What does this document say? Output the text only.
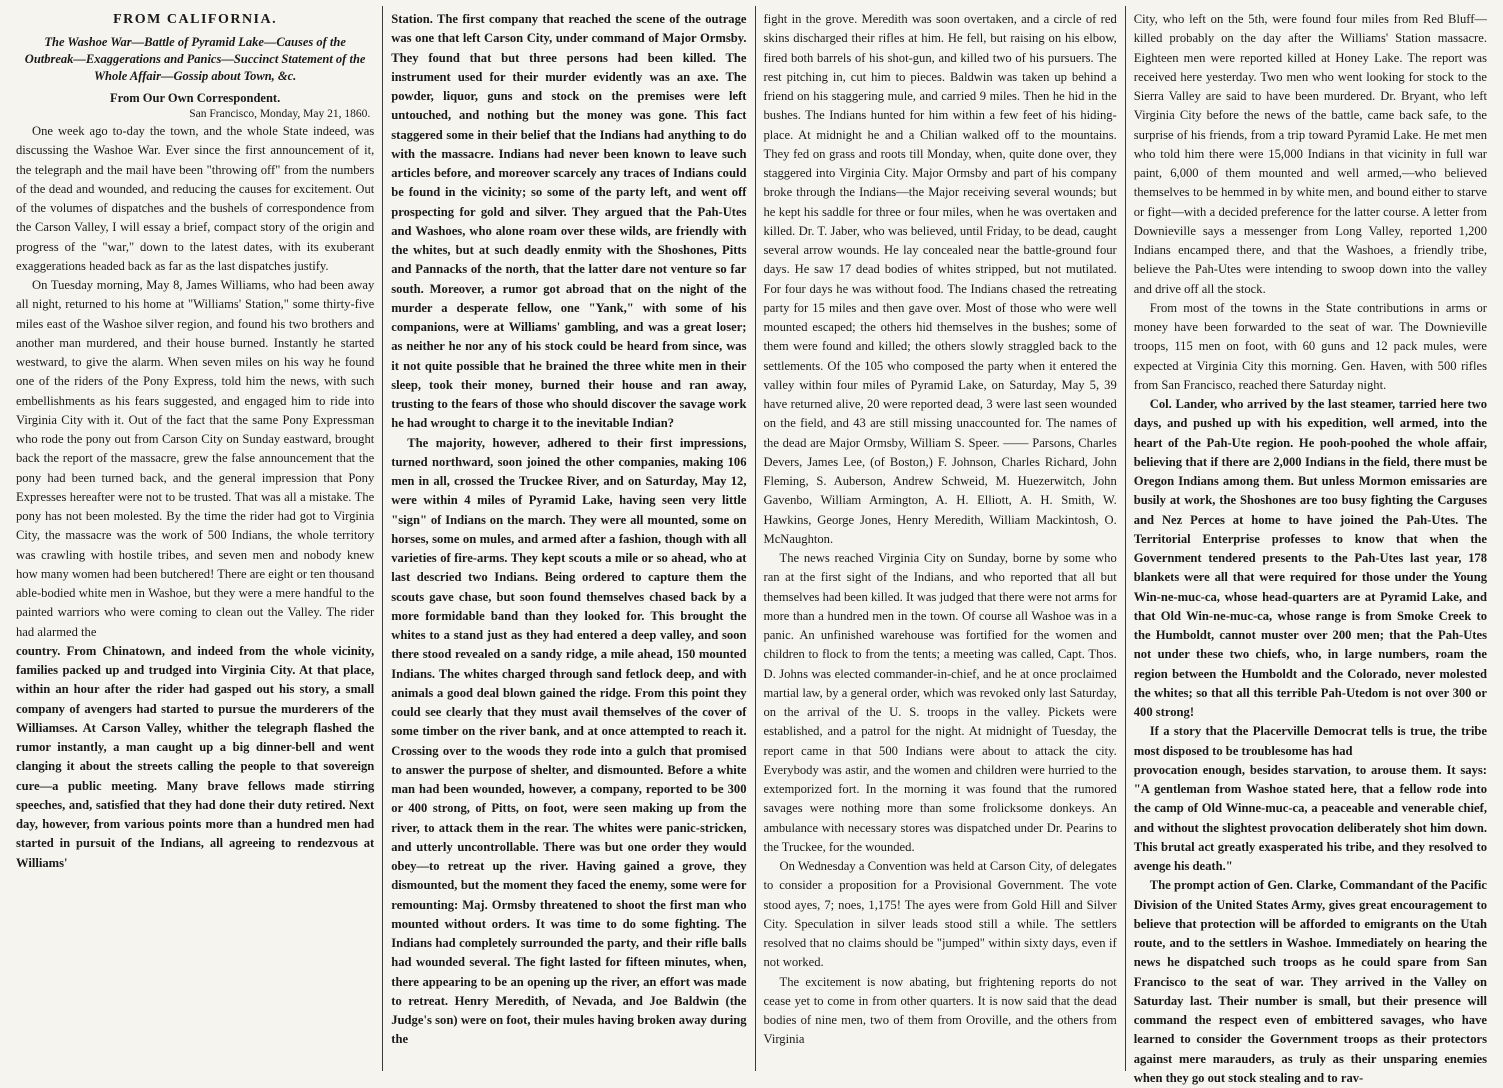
FROM CALIFORNIA.
The Washoe War—Battle of Pyramid Lake—Causes of the Outbreak—Exaggerations and Panics—Succinct Statement of the Whole Affair—Gossip about Town, &c.
From Our Own Correspondent.
San Francisco, Monday, May 21, 1860.

One week ago to-day the town, and the whole State indeed, was discussing the Washoe War. Ever since the first announcement of it, the telegraph and the mail have been "throwing off" from the numbers of the dead and wounded, and reducing the causes for excitement. Out of the volumes of dispatches and the bushels of correspondence from the Carson Valley, I will essay a brief, compact story of the origin and progress of the "war," down to the latest dates, with its exuberant exaggerations headed back as far as the last dispatches justify.

On Tuesday morning, May 8, James Williams, who had been away all night, returned to his home at "Williams' Station," some thirty-five miles east of the Washoe silver region, and found his two brothers and another man murdered, and their house burned. Instantly he started westward, to give the alarm. When seven miles on his way he found one of the riders of the Pony Express, told him the news, with such embellishments as his fears suggested, and engaged him to ride into Virginia City with it. Out of the fact that the same Pony Expressman who rode the pony out from Carson City on Sunday eastward, brought back the report of the massacre, grew the false announcement that the pony had been turned back, and the general impression that Pony Expresses hereafter were not to be trusted. That was all a mistake. The pony has not been molested. By the time the rider had got to Virginia City, the massacre was the work of 500 Indians, the whole territory was crawling with hostile tribes, and seven men and nobody knew how many women had been butchered! There are eight or ten thousand able-bodied white men in Washoe, but they were a mere handful to the painted warriors who were coming to clean out the Valley. The rider had alarmed the

country. From Chinatown, and indeed from the whole vicinity, families packed up and trudged into Virginia City. At that place, within an hour after the rider had gasped out his story, a small company of avengers had started to pursue the murderers of the Williamses. At Carson Valley, whither the telegraph flashed the rumor instantly, a man caught up a big dinner-bell and went clanging it about the streets calling the people to that sovereign cure—a public meeting. Many brave fellows made stirring speeches, and, satisfied that they had done their duty retired. Next day, however, from various points more than a hundred men had started in pursuit of the Indians, all agreeing to rendezvous at Williams'

Station. The first company that reached the scene of the outrage was one that left Carson City, under command of Major Ormsby. They found that but three persons had been killed. The instrument used for their murder evidently was an axe. The powder, liquor, guns and stock on the premises were left untouched, and nothing but the money was gone. This fact staggered some in their belief that the Indians had anything to do with the massacre. Indians had never been known to leave such articles before, and moreover scarcely any traces of Indians could be found in the vicinity; so some of the party left, and went off prospecting for gold and silver. They argued that the Pah-Utes and Washoes, who alone roam over these wilds, are friendly with the whites, but at such deadly enmity with the Shoshones, Pitts and Pannacks of the north, that the latter dare not venture so far south. Moreover, a rumor got abroad that on the night of the murder a desperate fellow, one "Yank," with some of his companions, were at Williams' gambling, and was a great loser; as neither he nor any of his stock could be heard from since, was it not quite possible that he brained the three white men in their sleep, took their money, burned their house and ran away, trusting to the fears of those who should discover the savage work he had wrought to charge it to the inevitable Indian?

The majority, however, adhered to their first impressions, turned northward, soon joined the other companies, making 106 men in all, crossed the Truckee River, and on Saturday, May 12, were within 4 miles of Pyramid Lake, having seen very little "sign" of Indians on the march. They were all mounted, some on horses, some on mules, and armed after a fashion, though with all varieties of fire-arms. They kept scouts a mile or so ahead, who at last descried two Indians. Being ordered to capture them the scouts gave chase, but soon found themselves chased back by a more formidable band than they looked for. This brought the whites to a stand just as they had entered a deep valley, and soon there stood revealed on a sandy ridge, a mile ahead, 150 mounted Indians. The whites charged through sand fetlock deep, and with animals a good deal blown gained the ridge. From this point they could see clearly that they must avail themselves of the cover of some timber on the river bank, and at once attempted to reach it. Crossing over to the woods they rode into a gulch that promised to answer the purpose of shelter, and dismounted. Before a white man had been wounded, however, a company, reported to be 300 or 400 strong, of Pitts, on foot, were seen making up from the river, to attack them in the rear. The whites were panic-stricken, and utterly uncontrollable. There was but one order they would obey—to retreat up the river. Having gained a grove, they dismounted, but the moment they faced the enemy, some were for remounting: Maj. Ormsby threatened to shoot the first man who mounted without orders. It was time to do some fighting. The Indians had completely surrounded the party, and their rifle balls had wounded several. The fight lasted for fifteen minutes, when, there appearing to be an opening up the river, an effort was made to retreat. Henry Meredith, of Nevada, and Joe Baldwin (the Judge's son) were on foot, their mules having broken away during the

fight in the grove. Meredith was soon overtaken, and a circle of red skins discharged their rifles at him. He fell, but raising on his elbow, fired both barrels of his shot-gun, and killed two of his pursuers. The rest pitching in, cut him to pieces. Baldwin was taken up behind a friend on his staggering mule, and carried 9 miles. Then he hid in the bushes. The Indians hunted for him within a few feet of his hiding-place. At midnight he and a Chilian walked off to the mountains. They fed on grass and roots till Monday, when, quite done over, they staggered into Virginia City. Major Ormsby and part of his company broke through the Indians—the Major receiving several wounds; but he kept his saddle for three or four miles, when he was overtaken and killed. Dr. T. Jaber, who was believed, until Friday, to be dead, caught several arrow wounds. He lay concealed near the battle-ground four days. He saw 17 dead bodies of whites stripped, but not mutilated. For four days he was without food. The Indians chased the retreating party for 15 miles and then gave over. Most of those who were well mounted escaped; the others hid themselves in the bushes; some of them were found and killed; the others slowly straggled back to the settlements. Of the 105 who composed the party when it entered the valley within four miles of Pyramid Lake, on Saturday, May 5, 39 have returned alive, 20 were reported dead, 3 were last seen wounded on the field, and 43 are still missing unaccounted for. The names of the dead are Major Ormsby, William S. Speer. —— Parsons, Charles Devers, James Lee, (of Boston,) F. Johnson, Charles Richard, John Fleming, S. Auberson, Andrew Schweid, M. Huezerwitch, John Gavenbo, William Armington, A. H. Elliott, A. H. Smith, W. Hawkins, George Jones, Henry Meredith, William Mackintosh, O. McNaughton.

The news reached Virginia City on Sunday, borne by some who ran at the first sight of the Indians, and who reported that all but themselves had been killed. It was judged that there were not arms for more than a hundred men in the town. Of course all Washoe was in a panic. An unfinished warehouse was fortified for the women and children to flock to from the tents; a meeting was called, Capt. Thos. D. Johns was elected commander-in-chief, and he at once proclaimed martial law, by a general order, which was revoked only last Saturday, on the arrival of the U. S. troops in the valley. Pickets were established, and a patrol for the night. At midnight of Tuesday, the report came in that 500 Indians were about to attack the city. Everybody was astir, and the women and children were hurried to the extemporized fort. In the morning it was found that the rumored savages were nothing more than some frolicksome donkeys. An ambulance with necessary stores was dispatched under Dr. Pearins to the Truckee, for the wounded.

On Wednesday a Convention was held at Carson City, of delegates to consider a proposition for a Provisional Government. The vote stood ayes, 7; noes, 1,175! The ayes were from Gold Hill and Silver City. Speculation in silver leads stood still a while. The settlers resolved that no claims should be "jumped" within sixty days, even if not worked.

The excitement is now abating, but frightening reports do not cease yet to come in from other quarters. It is now said that the dead bodies of nine men, two of them from Oroville, and the others from Virginia

City, who left on the 5th, were found four miles from Red Bluff—killed probably on the day after the Williams' Station massacre. Eighteen men were reported killed at Honey Lake. The report was received here yesterday. Two men who went looking for stock to the Sierra Valley are said to have been murdered. Dr. Bryant, who left Virginia City before the news of the battle, came back safe, to the surprise of his friends, from a trip toward Pyramid Lake. He met men who told him there were 15,000 Indians in that vicinity in full war paint, 6,000 of them mounted and well armed,—who believed themselves to be hemmed in by white men, and bound either to starve or fight—with a decided preference for the latter course. A letter from Downieville says a messenger from Long Valley, reported 1,200 Indians encamped there, and that the Washoes, a friendly tribe, believe the Pah-Utes were intending to swoop down into the valley and drive off all the stock.

From most of the towns in the State contributions in arms or money have been forwarded to the seat of war. The Downieville troops, 115 men on foot, with 60 guns and 12 pack mules, were expected at Virginia City this morning. Gen. Haven, with 500 rifles from San Francisco, reached there Saturday night.

Col. Lander, who arrived by the last steamer, tarried here two days, and pushed up with his expedition, well armed, into the heart of the Pah-Ute region. He pooh-poohed the whole affair, believing that if there are 2,000 Indians in the field, there must be Oregon Indians among them. But unless Mormon emissaries are busily at work, the Shoshones are too busy fighting the Carguses and Nez Perces at home to have joined the Pah-Utes. The Territorial Enterprise professes to know that when the Government tendered presents to the Pah-Utes last year, 178 blankets were all that were required for those under the Young Win-ne-muc-ca, whose head-quarters are at Pyramid Lake, and that Old Win-ne-muc-ca, whose range is from Smoke Creek to the Humboldt, cannot muster over 200 men; that the Pah-Utes not under these two chiefs, who, in large numbers, roam the region between the Humboldt and the Colorado, never molested the whites; so that all this terrible Pah-Utedom is not over 300 or 400 strong!

If a story that the Placerville Democrat tells is true, the tribe most disposed to be troublesome has had

provocation enough, besides starvation, to arouse them. It says: "A gentleman from Washoe stated here, that a fellow rode into the camp of Old Winne-muc-ca, a peaceable and venerable chief, and without the slightest provocation deliberately shot him down. This brutal act greatly exasperated his tribe, and they resolved to avenge his death."

The prompt action of Gen. Clarke, Commandant of the Pacific Division of the United States Army, gives great encouragement to believe that protection will be afforded to emigrants on the Utah route, and to the settlers in Washoe. Immediately on hearing the news he dispatched such troops as he could spare from San Francisco to the seat of war. They arrived in the Valley on Saturday last. Their number is small, but their presence will command the respect even of embittered savages, who have learned to consider the Government troops as their protectors against mere marauders, as truly as their unsparing enemies when they go out stock stealing and to rav-
